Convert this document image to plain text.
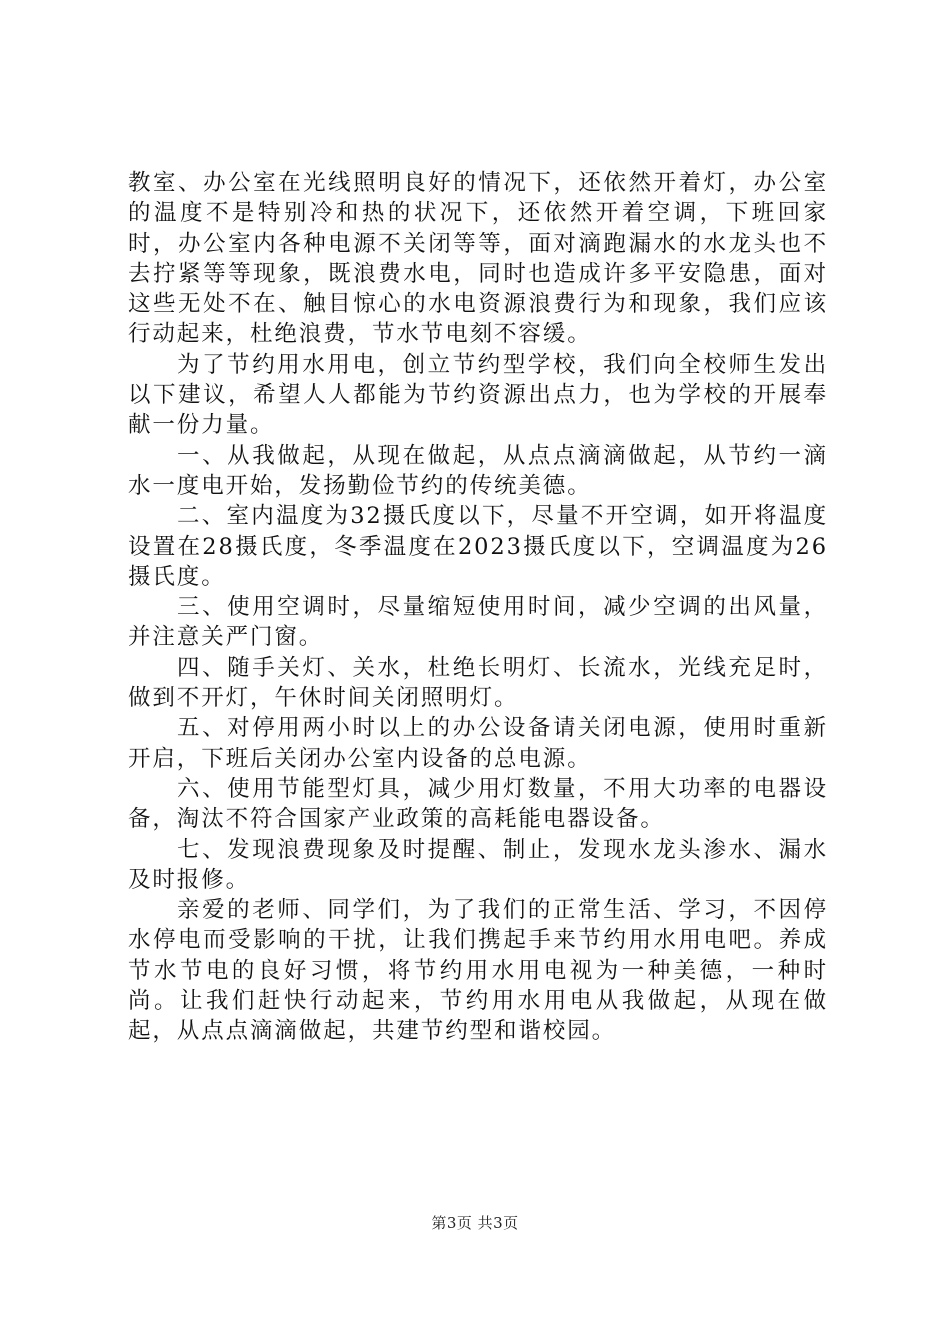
教室、办公室在光线照明良好的情况下，还依然开着灯，办公室的温度不是特别冷和热的状况下，还依然开着空调，下班回家时，办公室内各种电源不关闭等等，面对滴跑漏水的水龙头也不去拧紧等等现象，既浪费水电，同时也造成许多平安隐患，面对这些无处不在、触目惊心的水电资源浪费行为和现象，我们应该行动起来，杜绝浪费，节水节电刻不容缓。

为了节约用水用电，创立节约型学校，我们向全校师生发出以下建议，希望人人都能为节约资源出点力，也为学校的开展奉献一份力量。

一、从我做起，从现在做起，从点点滴滴做起，从节约一滴水一度电开始，发扬勤俭节约的传统美德。

二、室内温度为32摄氏度以下，尽量不开空调，如开将温度设置在28摄氏度，冬季温度在2023摄氏度以下，空调温度为26摄氏度。

三、使用空调时，尽量缩短使用时间，减少空调的出风量，并注意关严门窗。

四、随手关灯、关水，杜绝长明灯、长流水，光线充足时，做到不开灯，午休时间关闭照明灯。

五、对停用两小时以上的办公设备请关闭电源，使用时重新开启，下班后关闭办公室内设备的总电源。

六、使用节能型灯具，减少用灯数量，不用大功率的电器设备，淘汰不符合国家产业政策的高耗能电器设备。

七、发现浪费现象及时提醒、制止，发现水龙头渗水、漏水及时报修。

亲爱的老师、同学们，为了我们的正常生活、学习，不因停水停电而受影响的干扰，让我们携起手来节约用水用电吧。养成节水节电的良好习惯，将节约用水用电视为一种美德，一种时尚。让我们赶快行动起来，节约用水用电从我做起，从现在做起，从点点滴滴做起，共建节约型和谐校园。

第3页 共3页
